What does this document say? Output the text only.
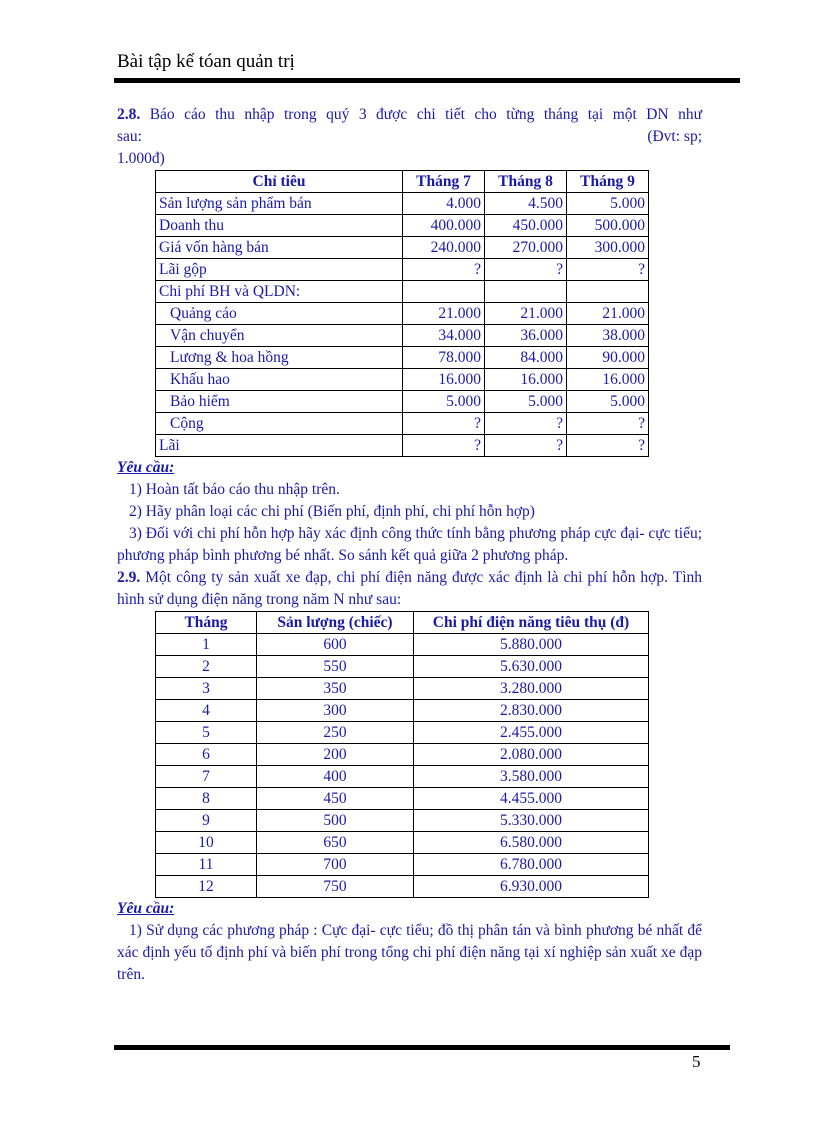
Bài tập kế tóan quản trị

2.8. Báo cáo thu nhập trong quý 3 được chi tiết cho từng tháng tại một DN như

sau:	(Đvt: sp;

1.000đ)

Chỉ tiêu	Tháng 7	Tháng 8	Tháng 9
Sản lượng sản phẩm bán	4.000	4.500	5.000
Doanh thu	400.000	450.000	500.000
Giá vốn hàng bán	240.000	270.000	300.000
Lãi gộp	?	?	?
Chi phí BH và QLDN:			
Quảng cáo	21.000	21.000	21.000
Vận chuyển	34.000	36.000	38.000
Lương & hoa hồng	78.000	84.000	90.000
Khấu hao	16.000	16.000	16.000
Bảo hiểm	5.000	5.000	5.000
Cộng	?	?	?
Lãi	?	?	?

Yêu cầu:

1) Hoàn tất báo cáo thu nhập trên.

2) Hãy phân loại các chi phí (Biến phí, định phí, chi phí hỗn hợp)

3) Đối với chi phí hỗn hợp hãy xác định công thức tính bằng phương pháp cực đại- cực tiểu; phương pháp bình phương bé nhất. So sánh kết quả giữa 2 phương pháp.

2.9. Một công ty sản xuất xe đạp, chi phí điện năng được xác định là chi phí hỗn hợp. Tình hình sử dụng điện năng trong năm N như sau:

Tháng	Sản lượng (chiếc)	Chi phí điện năng tiêu thụ (đ)
1	600	5.880.000
2	550	5.630.000
3	350	3.280.000
4	300	2.830.000
5	250	2.455.000
6	200	2.080.000
7	400	3.580.000
8	450	4.455.000
9	500	5.330.000
10	650	6.580.000
11	700	6.780.000
12	750	6.930.000

Yêu cầu:

1) Sử dụng các phương pháp : Cực đại- cực tiểu; đồ thị phân tán và bình phương bé nhất để xác định yếu tố định phí và biến phí trong tổng chi phí điện năng tại xí nghiệp sản xuất xe đạp trên.

5
